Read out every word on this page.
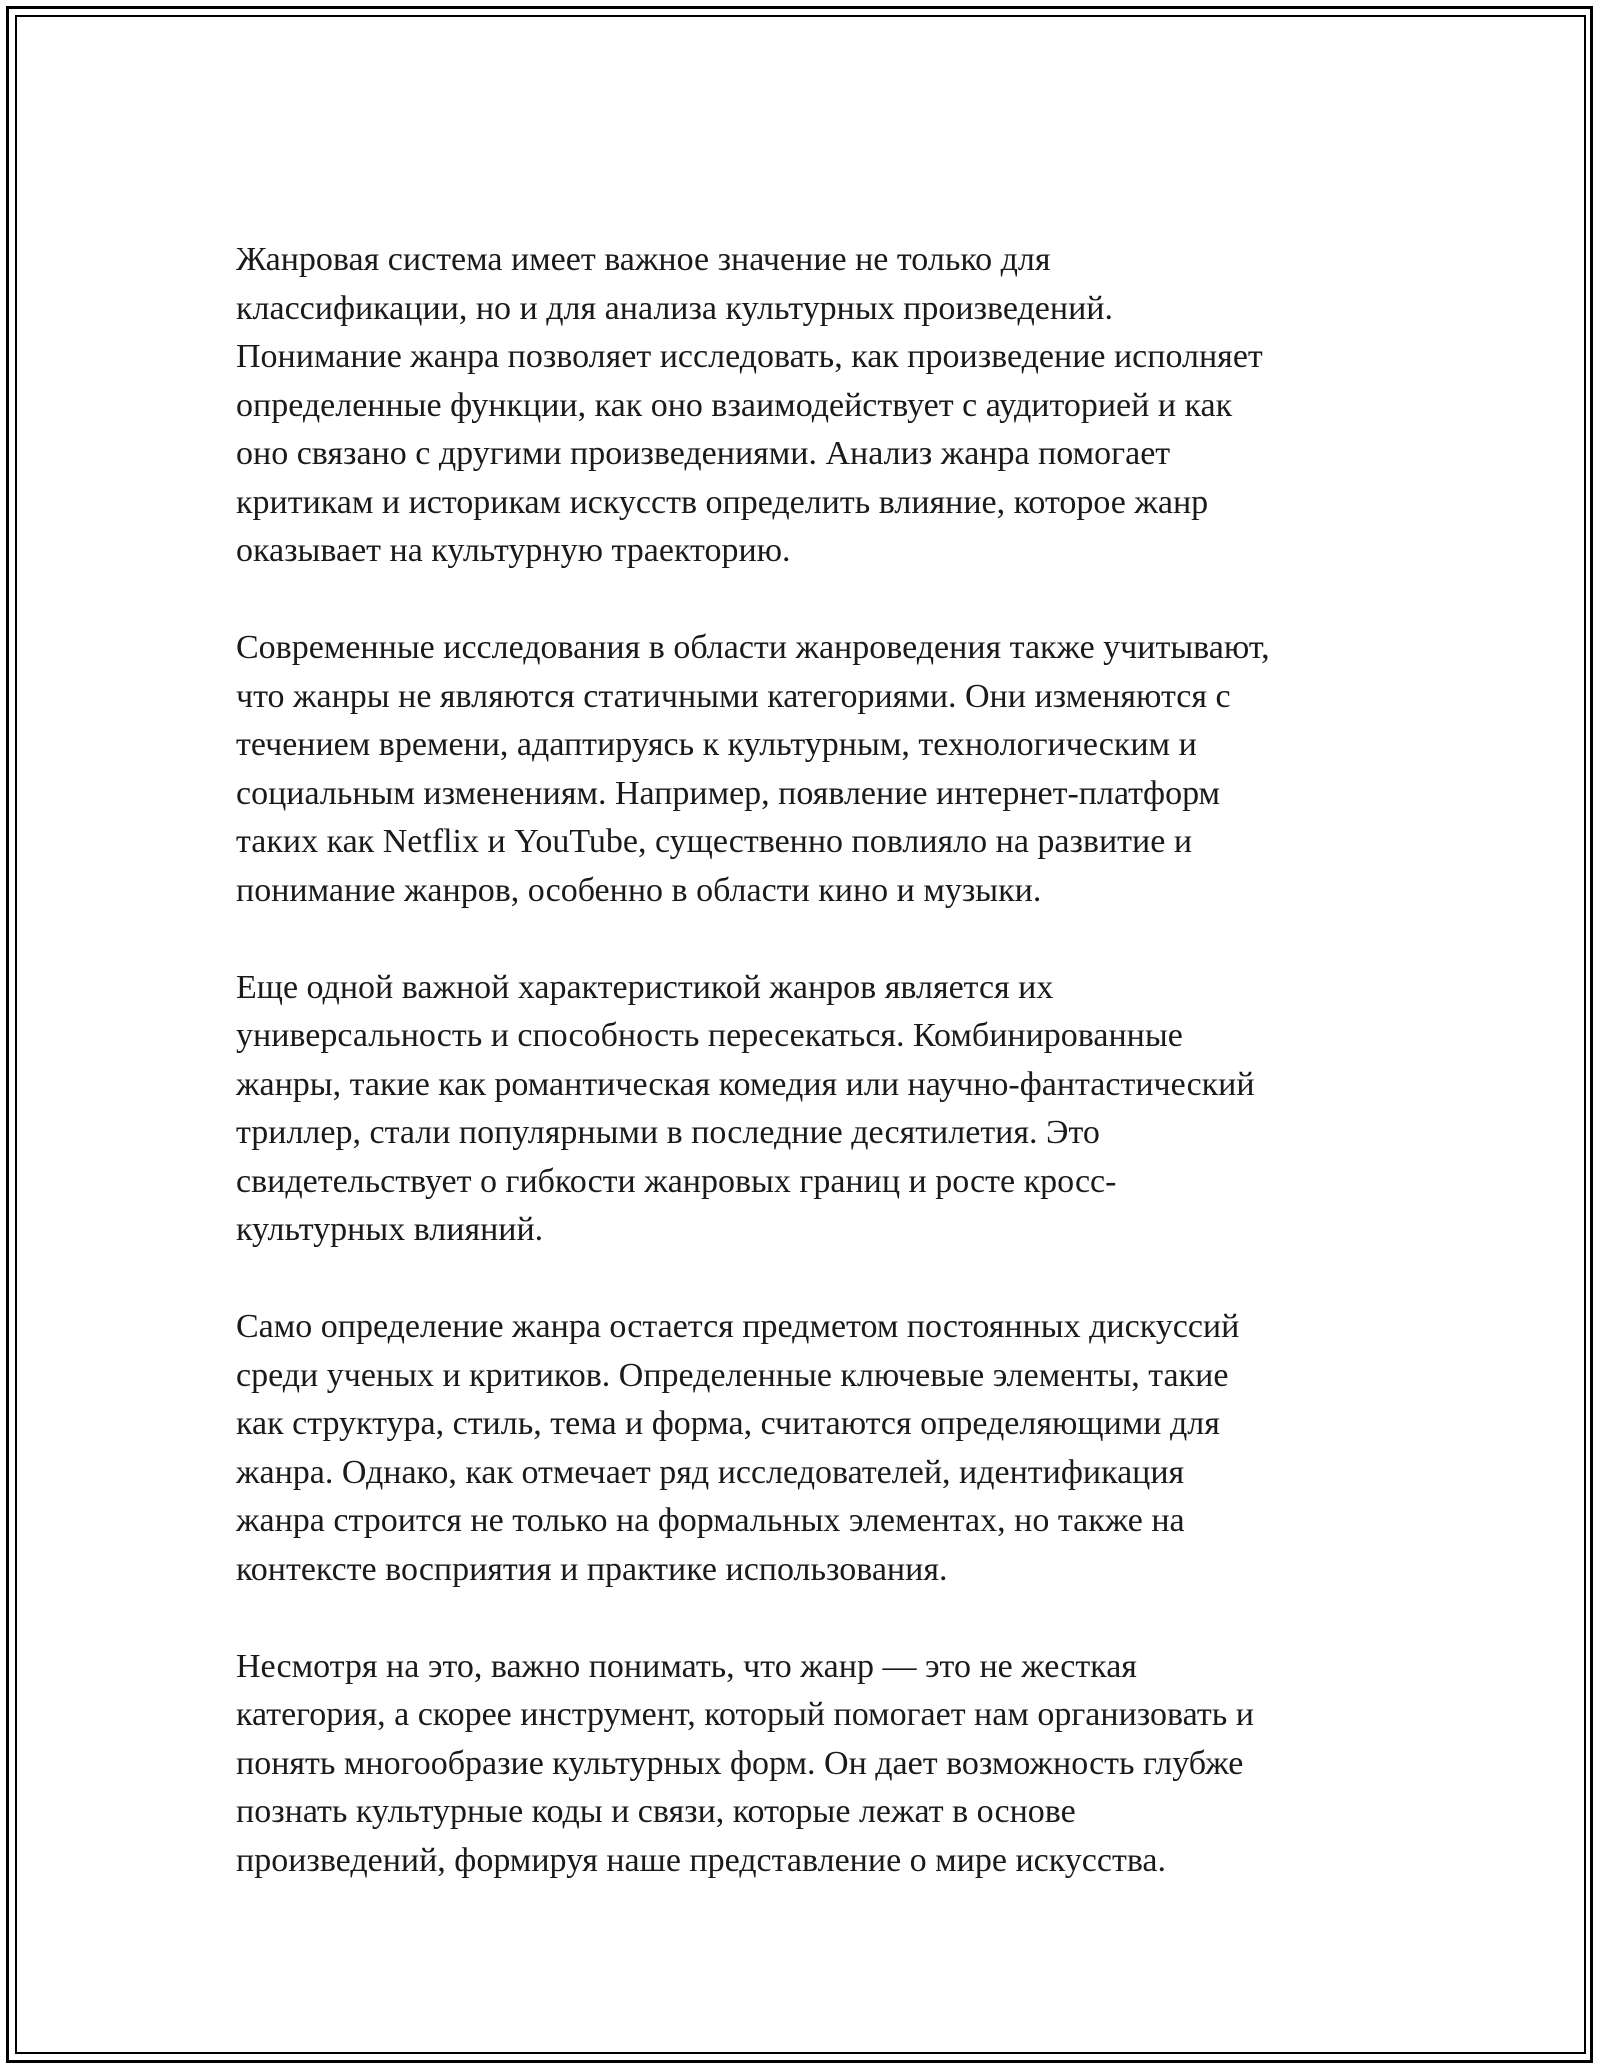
Жанровая система имеет важное значение не только для
классификации, но и для анализа культурных произведений.
Понимание жанра позволяет исследовать, как произведение исполняет
определенные функции, как оно взаимодействует с аудиторией и как
оно связано с другими произведениями. Анализ жанра помогает
критикам и историкам искусств определить влияние, которое жанр
оказывает на культурную траекторию.

Современные исследования в области жанроведения также учитывают,
что жанры не являются статичными категориями. Они изменяются с
течением времени, адаптируясь к культурным, технологическим и
социальным изменениям. Например, появление интернет-платформ
таких как Netflix и YouTube, существенно повлияло на развитие и
понимание жанров, особенно в области кино и музыки.

Еще одной важной характеристикой жанров является их
универсальность и способность пересекаться. Комбинированные
жанры, такие как романтическая комедия или научно-фантастический
триллер, стали популярными в последние десятилетия. Это
свидетельствует о гибкости жанровых границ и росте кросс-
культурных влияний.

Само определение жанра остается предметом постоянных дискуссий
среди ученых и критиков. Определенные ключевые элементы, такие
как структура, стиль, тема и форма, считаются определяющими для
жанра. Однако, как отмечает ряд исследователей, идентификация
жанра строится не только на формальных элементах, но также на
контексте восприятия и практике использования.

Несмотря на это, важно понимать, что жанр — это не жесткая
категория, а скорее инструмент, который помогает нам организовать и
понять многообразие культурных форм. Он дает возможность глубже
познать культурные коды и связи, которые лежат в основе
произведений, формируя наше представление о мире искусства.
